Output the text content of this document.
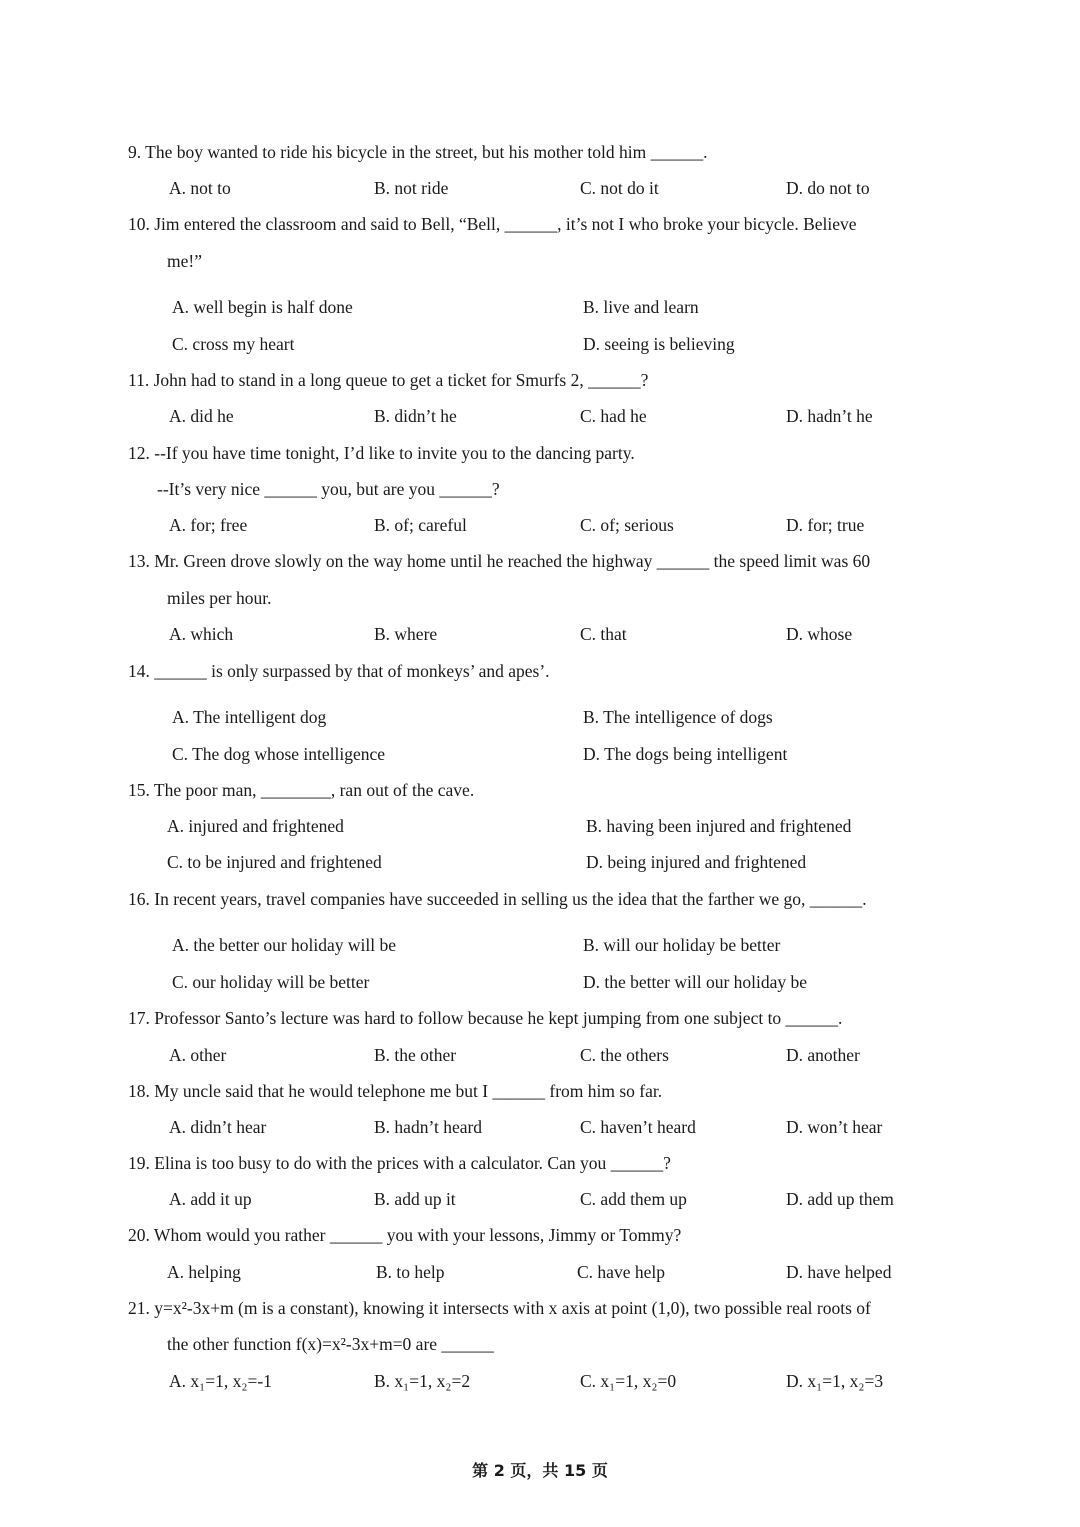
9. The boy wanted to ride his bicycle in the street, but his mother told him ______.
A. not to	B. not ride	C. not do it	D. do not to
10. Jim entered the classroom and said to Bell, “Bell, ______, it’s not I who broke your bicycle. Believe
me!”
A. well begin is half done	B. live and learn
C. cross my heart	D. seeing is believing
11. John had to stand in a long queue to get a ticket for Smurfs 2, ______?
A. did he	B. didn’t he	C. had he	D. hadn’t he
12. --If you have time tonight, I’d like to invite you to the dancing party.
--It’s very nice ______ you, but are you ______?
A. for; free	B. of; careful	C. of; serious	D. for; true
13. Mr. Green drove slowly on the way home until he reached the highway ______ the speed limit was 60
miles per hour.
A. which	B. where	C. that	D. whose
14. ______ is only surpassed by that of monkeys’ and apes’.
A. The intelligent dog	B. The intelligence of dogs
C. The dog whose intelligence	D. The dogs being intelligent
15. The poor man, ________, ran out of the cave.
A. injured and frightened	B. having been injured and frightened
C. to be injured and frightened	D. being injured and frightened
16. In recent years, travel companies have succeeded in selling us the idea that the farther we go, ______.
A. the better our holiday will be	B. will our holiday be better
C. our holiday will be better	D. the better will our holiday be
17. Professor Santo’s lecture was hard to follow because he kept jumping from one subject to ______.
A. other	B. the other	C. the others	D. another
18. My uncle said that he would telephone me but I ______ from him so far.
A. didn’t hear	B. hadn’t heard	C. haven’t heard	D. won’t hear
19. Elina is too busy to do with the prices with a calculator. Can you ______?
A. add it up	B. add up it	C. add them up	D. add up them
20. Whom would you rather ______ you with your lessons, Jimmy or Tommy?
A. helping	B. to help	C. have help	D. have helped
21. y=x²-3x+m (m is a constant), knowing it intersects with x axis at point (1,0), two possible real roots of
the other function f(x)=x²-3x+m=0 are ______
A. x₁=1, x₂=-1	B. x₁=1, x₂=2	C. x₁=1, x₂=0	D. x₁=1, x₂=3
第 2 页，共 15 页
